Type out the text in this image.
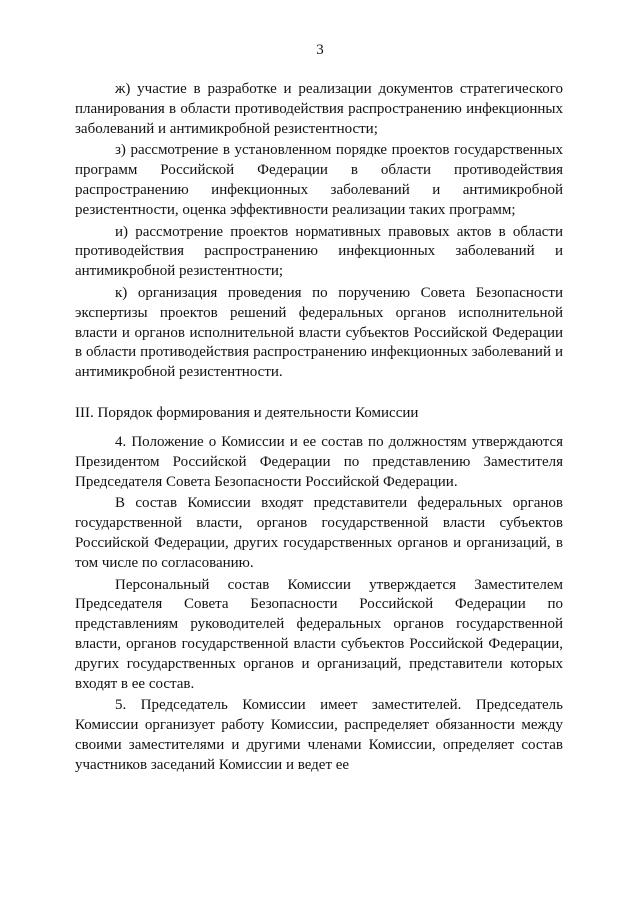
3

ж) участие в разработке и реализации документов стратегического планирования в области противодействия распространению инфекционных заболеваний и антимикробной резистентности;

з) рассмотрение в установленном порядке проектов государственных программ Российской Федерации в области противодействия распространению инфекционных заболеваний и антимикробной резистентности, оценка эффективности реализации таких программ;

и) рассмотрение проектов нормативных правовых актов в области противодействия распространению инфекционных заболеваний и антимикробной резистентности;

к) организация проведения по поручению Совета Безопасности экспертизы проектов решений федеральных органов исполнительной власти и органов исполнительной власти субъектов Российской Федерации в области противодействия распространению инфекционных заболеваний и антимикробной резистентности.

III. Порядок формирования и деятельности Комиссии

4. Положение о Комиссии и ее состав по должностям утверждаются Президентом Российской Федерации по представлению Заместителя Председателя Совета Безопасности Российской Федерации.

В состав Комиссии входят представители федеральных органов государственной власти, органов государственной власти субъектов Российской Федерации, других государственных органов и организаций, в том числе по согласованию.

Персональный состав Комиссии утверждается Заместителем Председателя Совета Безопасности Российской Федерации по представлениям руководителей федеральных органов государственной власти, органов государственной власти субъектов Российской Федерации, других государственных органов и организаций, представители которых входят в ее состав.

5. Председатель Комиссии имеет заместителей. Председатель Комиссии организует работу Комиссии, распределяет обязанности между своими заместителями и другими членами Комиссии, определяет состав участников заседаний Комиссии и ведет ее
